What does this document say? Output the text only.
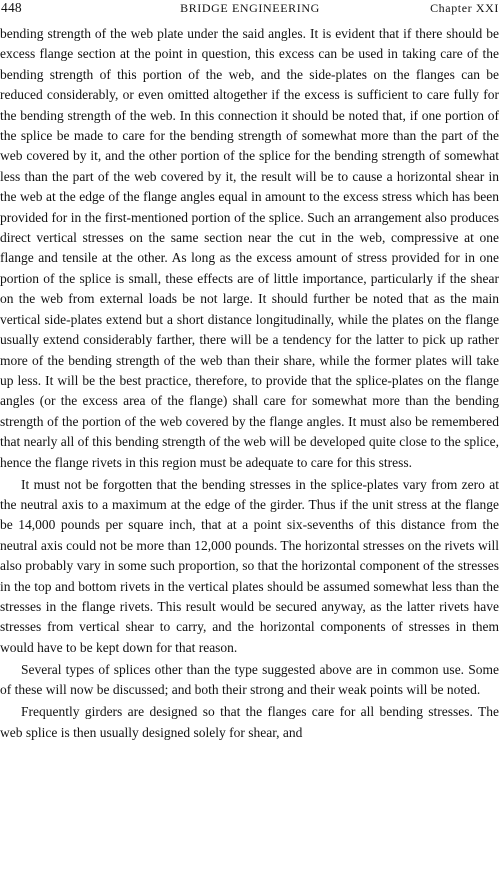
448	BRIDGE ENGINEERING	Chapter XXI

bending strength of the web plate under the said angles. It is evident that if there should be excess flange section at the point in question, this excess can be used in taking care of the bending strength of this portion of the web, and the side-plates on the flanges can be reduced considerably, or even omitted altogether if the excess is sufficient to care fully for the bending strength of the web. In this connection it should be noted that, if one portion of the splice be made to care for the bending strength of somewhat more than the part of the web covered by it, and the other portion of the splice for the bending strength of somewhat less than the part of the web covered by it, the result will be to cause a horizontal shear in the web at the edge of the flange angles equal in amount to the excess stress which has been provided for in the first-mentioned portion of the splice. Such an arrangement also produces direct vertical stresses on the same section near the cut in the web, compressive at one flange and tensile at the other. As long as the excess amount of stress provided for in one portion of the splice is small, these effects are of little importance, particularly if the shear on the web from external loads be not large. It should further be noted that as the main vertical side-plates extend but a short distance longitudinally, while the plates on the flange usually extend considerably farther, there will be a tendency for the latter to pick up rather more of the bending strength of the web than their share, while the former plates will take up less. It will be the best practice, therefore, to provide that the splice-plates on the flange angles (or the excess area of the flange) shall care for somewhat more than the bending strength of the portion of the web covered by the flange angles. It must also be remembered that nearly all of this bending strength of the web will be developed quite close to the splice, hence the flange rivets in this region must be adequate to care for this stress.

It must not be forgotten that the bending stresses in the splice-plates vary from zero at the neutral axis to a maximum at the edge of the girder. Thus if the unit stress at the flange be 14,000 pounds per square inch, that at a point six-sevenths of this distance from the neutral axis could not be more than 12,000 pounds. The horizontal stresses on the rivets will also probably vary in some such proportion, so that the horizontal component of the stresses in the top and bottom rivets in the vertical plates should be assumed somewhat less than the stresses in the flange rivets. This result would be secured anyway, as the latter rivets have stresses from vertical shear to carry, and the horizontal components of stresses in them would have to be kept down for that reason.

Several types of splices other than the type suggested above are in common use. Some of these will now be discussed; and both their strong and their weak points will be noted.

Frequently girders are designed so that the flanges care for all bending stresses. The web splice is then usually designed solely for shear, and
